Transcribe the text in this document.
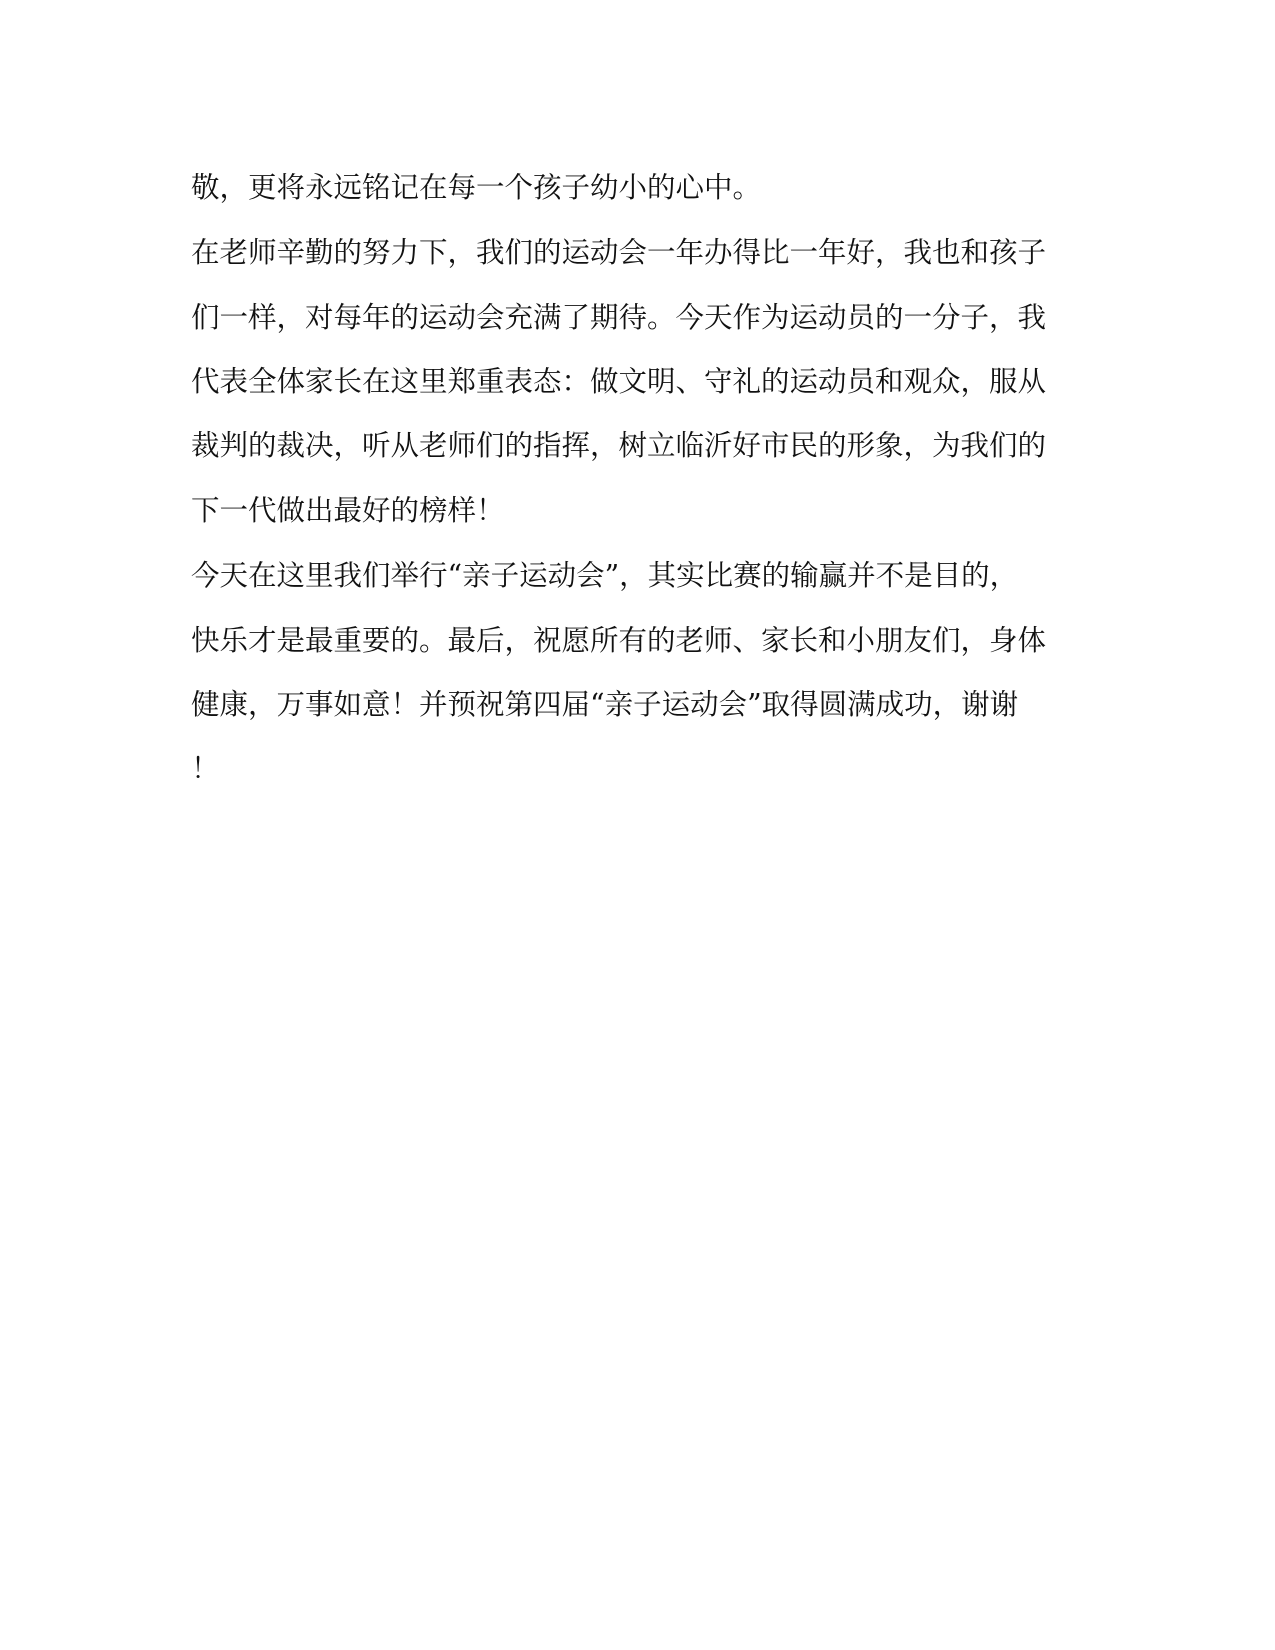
敬，更将永远铭记在每一个孩子幼小的心中。

在老师辛勤的努力下，我们的运动会一年办得比一年好，我也和孩子

们一样，对每年的运动会充满了期待。今天作为运动员的一分子，我

代表全体家长在这里郑重表态：做文明、守礼的运动员和观众，服从

裁判的裁决，听从老师们的指挥，树立临沂好市民的形象，为我们的

下一代做出最好的榜样！

今天在这里我们举行“亲子运动会”，其实比赛的输赢并不是目的，

快乐才是最重要的。最后，祝愿所有的老师、家长和小朋友们，身体

健康，万事如意！并预祝第四届“亲子运动会”取得圆满成功，谢谢

！
